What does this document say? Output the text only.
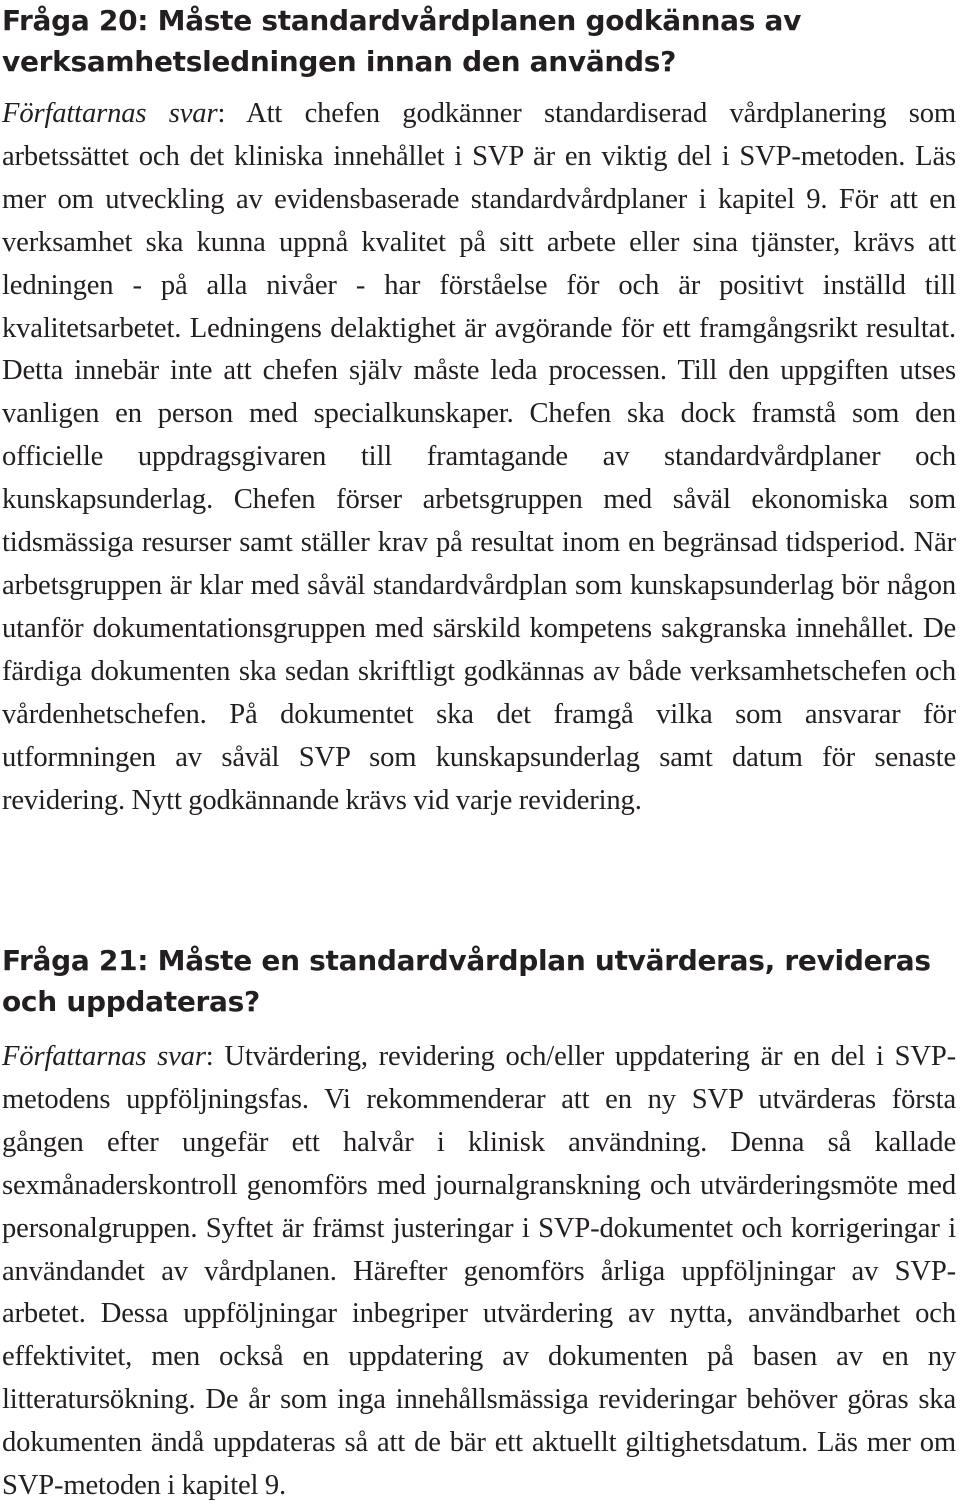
Fråga 20: Måste standardvårdplanen godkännas av
verksamhetsledningen innan den används?

Författarnas svar: Att chefen godkänner standardiserad vårdplanering som arbetssättet och det kliniska innehållet i SVP är en viktig del i SVP-metoden. Läs mer om utveckling av evidensbaserade standardvårdplaner i kapitel 9. För att en verksamhet ska kunna uppnå kvalitet på sitt arbete eller sina tjänster, krävs att ledningen - på alla nivåer - har förståelse för och är positivt inställd till kvalitetsarbetet. Ledningens delaktighet är avgörande för ett framgångsrikt resultat. Detta innebär inte att chefen själv måste leda processen. Till den uppgiften utses vanligen en person med specialkunskaper. Chefen ska dock framstå som den officielle uppdragsgivaren till framtagande av standardvårdplaner och kunskapsunderlag. Chefen förser arbetsgruppen med såväl ekonomiska som tidsmässiga resurser samt ställer krav på resultat inom en begränsad tidsperiod. När arbetsgruppen är klar med såväl standardvårdplan som kunskapsunderlag bör någon utanför dokumentationsgruppen med särskild kompetens sakgranska innehållet. De färdiga dokumenten ska sedan skriftligt godkännas av både verksamhetschefen och vårdenhetschefen. På dokumentet ska det framgå vilka som ansvarar för utformningen av såväl SVP som kunskapsunderlag samt datum för senaste revidering. Nytt godkännande krävs vid varje revidering.

Fråga 21: Måste en standardvårdplan utvärderas, revideras
och uppdateras?

Författarnas svar: Utvärdering, revidering och/eller uppdatering är en del i SVP-metodens uppföljningsfas. Vi rekommenderar att en ny SVP utvärderas första gången efter ungefär ett halvår i klinisk användning. Denna så kallade sexmånaderskontroll genomförs med journalgranskning och utvärderingsmöte med personalgruppen. Syftet är främst justeringar i SVP-dokumentet och korrigeringar i användandet av vårdplanen. Härefter genomförs årliga uppföljningar av SVP-arbetet. Dessa uppföljningar inbegriper utvärdering av nytta, användbarhet och effektivitet, men också en uppdatering av dokumenten på basen av en ny litteratursökning. De år som inga innehållsmässiga revideringar behöver göras ska dokumenten ändå uppdateras så att de bär ett aktuellt giltighetsdatum. Läs mer om SVP-metoden i kapitel 9.
